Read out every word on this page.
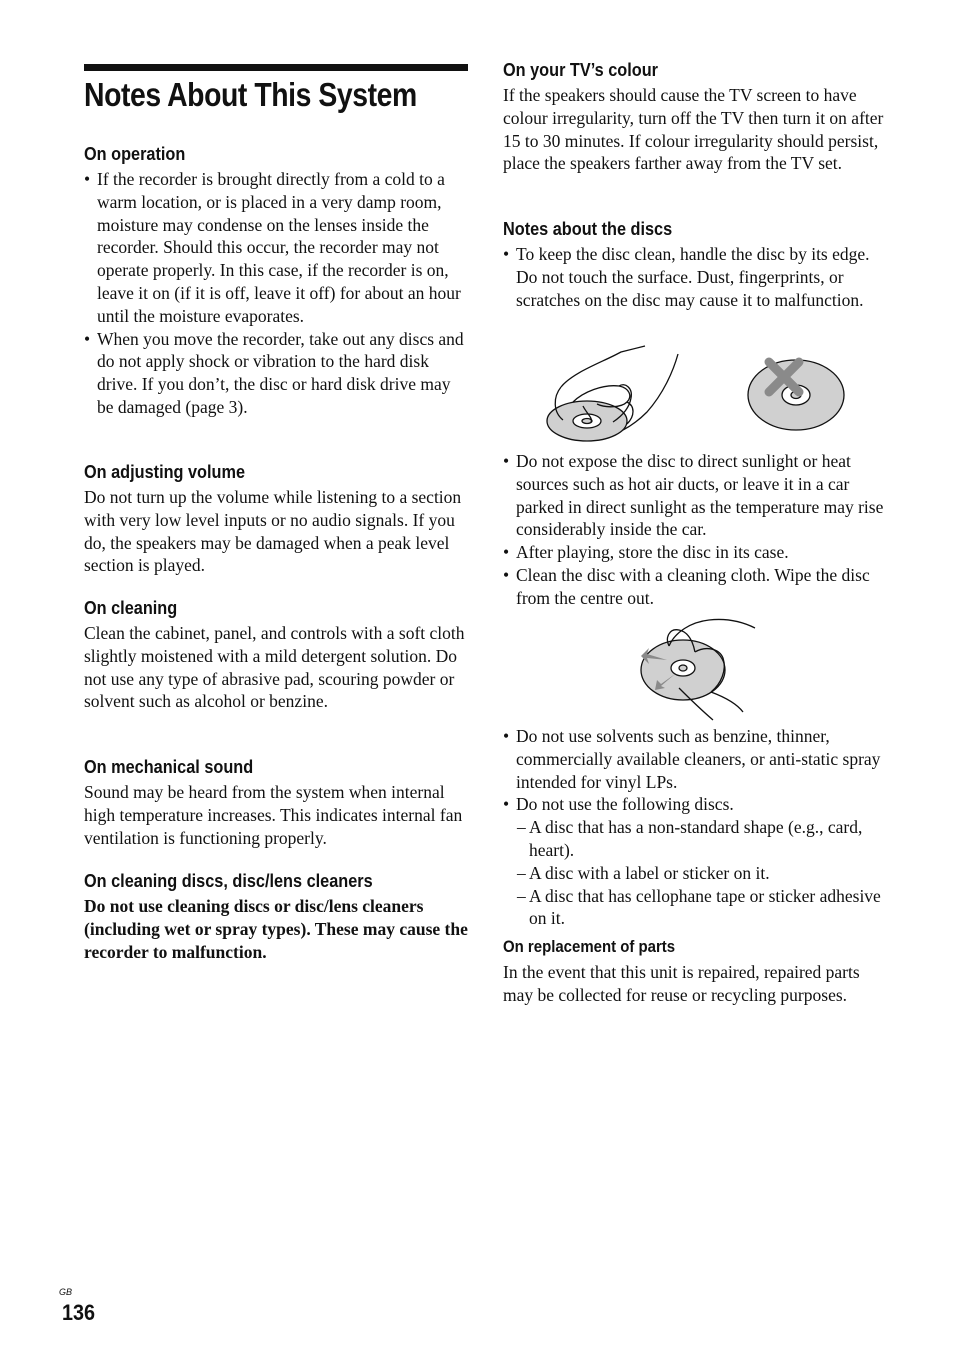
Notes About This System
On operation
• If the recorder is brought directly from a cold to a warm location, or is placed in a very damp room, moisture may condense on the lenses inside the recorder. Should this occur, the recorder may not operate properly. In this case, if the recorder is on, leave it on (if it is off, leave it off) for about an hour until the moisture evaporates.
• When you move the recorder, take out any discs and do not apply shock or vibration to the hard disk drive. If you don’t, the disc or hard disk drive may be damaged (page 3).
On adjusting volume

Do not turn up the volume while listening to a section with very low level inputs or no audio signals. If you do, the speakers may be damaged when a peak level section is played.

On cleaning

Clean the cabinet, panel, and controls with a soft cloth slightly moistened with a mild detergent solution. Do not use any type of abrasive pad, scouring powder or solvent such as alcohol or benzine.

On mechanical sound

Sound may be heard from the system when internal high temperature increases. This indicates internal fan ventilation is functioning properly.

On cleaning discs, disc/lens cleaners

Do not use cleaning discs or disc/lens cleaners (including wet or spray types). These may cause the recorder to malfunction.

On your TV’s colour

If the speakers should cause the TV screen to have colour irregularity, turn off the TV then turn it on after 15 to 30 minutes. If colour irregularity should persist, place the speakers farther away from the TV set.

Notes about the discs
• To keep the disc clean, handle the disc by its edge. Do not touch the surface. Dust, fingerprints, or scratches on the disc may cause it to malfunction.
• Do not expose the disc to direct sunlight or heat sources such as hot air ducts, or leave it in a car parked in direct sunlight as the temperature may rise considerably inside the car.
• After playing, store the disc in its case.
• Clean the disc with a cleaning cloth. Wipe the disc from the centre out.
• Do not use solvents such as benzine, thinner, commercially available cleaners, or anti-static spray intended for vinyl LPs.
• Do not use the following discs.
– A disc that has a non-standard shape (e.g., card, heart).
– A disc with a label or sticker on it.
– A disc that has cellophane tape or sticker adhesive on it.
On replacement of parts

In the event that this unit is repaired, repaired parts may be collected for reuse or recycling purposes.

GB
136
